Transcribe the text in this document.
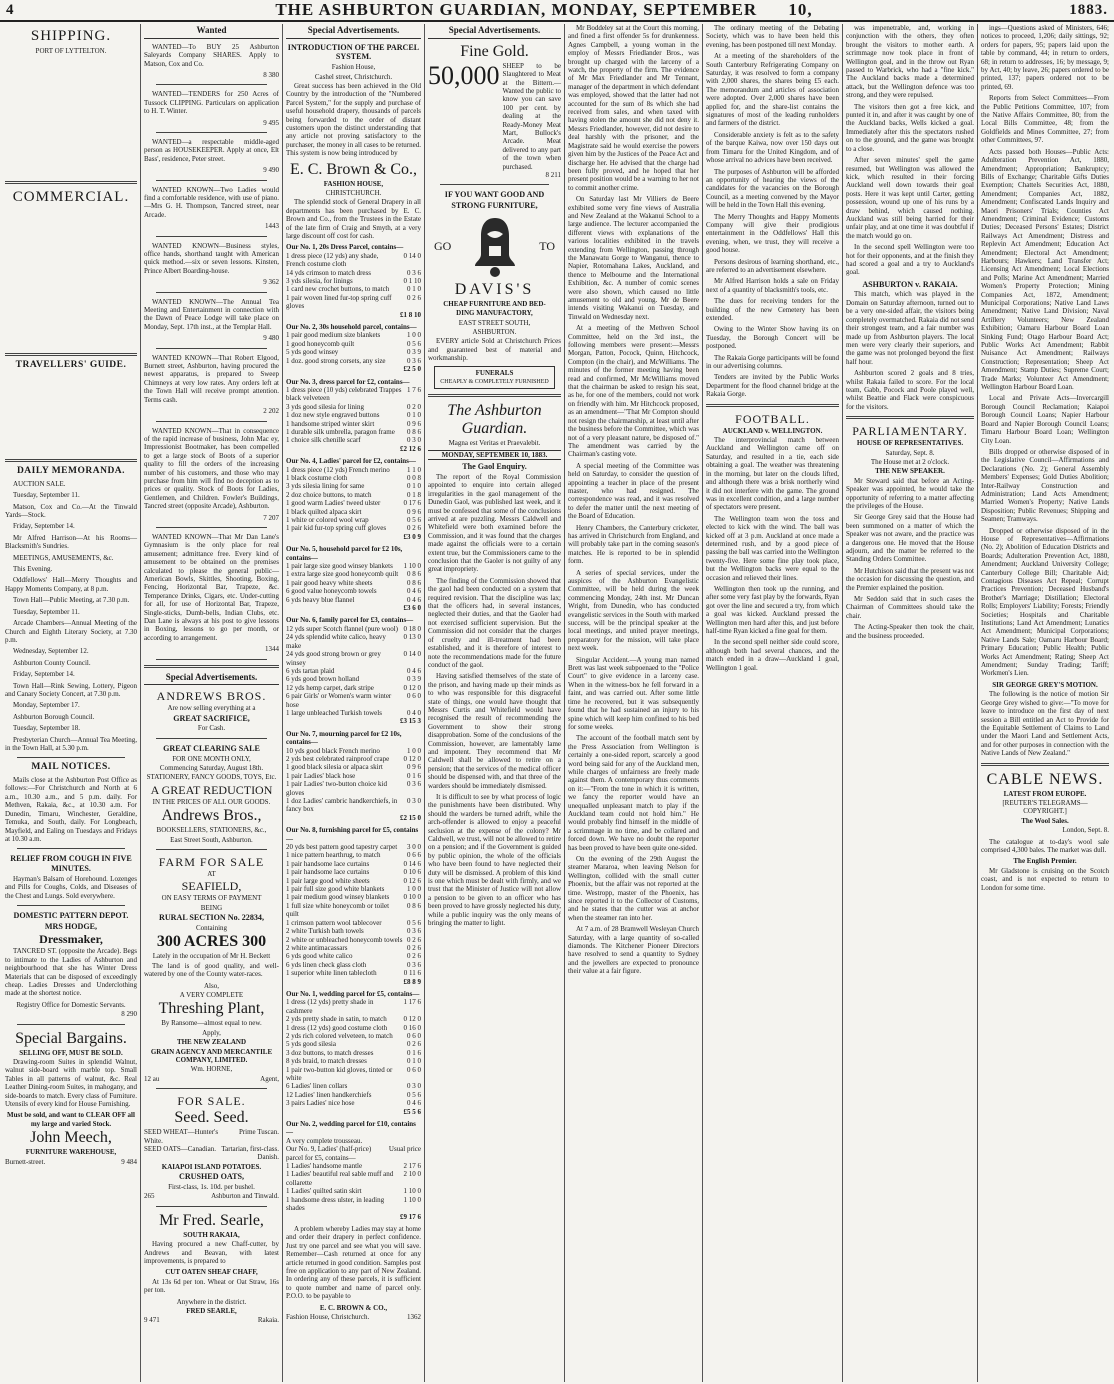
4	THE ASHBURTON GUARDIAN, MONDAY, SEPTEMBER 10,	1883.
SHIPPING.
PORT OF LYTTELTON.
COMMERCIAL.
TRAVELLERS' GUIDE.
DAILY MEMORANDA.
AUCTION SALE.
Tuesday, September 11.
Matson, Cox and Co.—At the Tinwald Yards—Stock.
Friday, September 14.
Mr Alfred Harrison—At his Rooms—Blacksmith's Sundries.
MEETINGS, AMUSEMENTS, &c.
This Evening.
Oddfellows' Hall—Merry Thoughts and Happy Moments Company, at 8 p.m.
Town Hall—Public Meeting, at 7.30 p.m.
Tuesday, September 11.
Arcade Chambers—Annual Meeting of the Church and Eighth Literary Society, at 7.30 p.m.
Wednesday, September 12.
Ashburton County Council.
Friday, September 14.
Town Hall—Rink Sewing, Lottery, Pigeon and Canary Society Concert, at 7.30 p.m.
Monday, September 17.
Ashburton Borough Council.
Tuesday, September 18.
Presbyterian Church—Annual Tea Meeting, in the Town Hall, at 5.30 p.m.
MAIL NOTICES.
Mails close at the Ashburton Post Office as follows:—For Christchurch and North at 6 a.m., 10.30 a.m., and 5 p.m. daily. For Methven, Rakaia, &c., at 10.30 a.m. For Dunedin, Timaru, Winchester, Geraldine, Temuka, and South, daily. For Longbeach, Mayfield, and Ealing on Tuesdays and Fridays at 10.30 a.m.
RELIEF FROM COUGH IN FIVE MINUTES.
Hayman's Balsam of Horehound. Lozenges and Pills for Coughs, Colds, and Diseases of the Chest and Lungs. Sold everywhere.
DOMESTIC PATTERN DEPOT.
MRS HODGE,
Dressmaker,
TANCRED ST. (opposite the Arcade). Begs to intimate to the Ladies of Ashburton and neighbourhood that she has Winter Dress Materials that can be disposed of exceedingly cheap. Ladies Dresses and Underclothing made at the shortest notice.
Registry Office for Domestic Servants.
8 290
Special Bargains.
SELLING OFF, MUST BE SOLD.
Drawing-room Suites in splendid Walnut, walnut side-board with marble top. Small Tables in all patterns of walnut, &c. Real Leather Dining-room Suites, in mahogany, and side-boards to match. Every class of Furniture. Utensils of every kind for House Furnishing.
Must be sold, and want to CLEAR OFF all my large and varied Stock.
John Meech,
FURNITURE WAREHOUSE,
Burnett-street.	9 484
Wanted
WANTED—To BUY 25 Ashburton Saleyards Company SHARES. Apply to Matson, Cox and Co.
8 380
WANTED—TENDERS for 250 Acres of Tussock CLIPPING. Particulars on application to H. T. Winter.
9 495
WANTED—a respectable middle-aged person as HOUSEKEEPER. Apply at once, Elt Bass', residence, Peter street.
9 490
WANTED KNOWN—Two Ladies would find a comfortable residence, with use of piano.—Mrs G. H. Thompson, Tancred street, near Arcade.
1443
WANTED KNOWN—Business styles, office hands, shorthand taught with American quick method.—six or seven lessons. Kinsten, Prince Albert Boarding-house.
9 362
WANTED KNOWN—The Annual Tea Meeting and Entertainment in connection with the Dawn of Peace Lodge will take place on Monday, Sept. 17th inst., at the Templar Hall.
9 480
WANTED KNOWN—That Robert Elgood, Burnett street, Ashburton, having procured the newest apparatus, is prepared to Sweep Chimneys at very low rates. Any orders left at the Town Hall will receive prompt attention. Terms cash.
2 202
WANTED KNOWN—That in consequence of the rapid increase of business, John Mac ey, Impressionist Bootmaker, has been compelled to get a large stock of Boots of a superior quality to fill the orders of the increasing number of his customers, and those who may purchase from him will find no deception as to prices or quality. Stock of Boots for Ladies, Gentlemen, and Children. Fowler's Buildings, Tancred street (opposite Arcade), Ashburton.
7 207
WANTED KNOWN—That Mr Dan Lane's Gymnasium is the only place for real amusement; admittance free. Every kind of amusement to be obtained on the premises calculated to please the general public—American Bowls, Skittles, Shooting, Boxing, Fencing, Horizontal Bar, Trapeze, &c. Temperance Drinks, Cigars, etc. Under-cutting for all, for use of Horizontal Bar, Trapeze, Single-sticks, Dumb-bells, Indian Clubs, etc. Dan Lane is always at his post to give lessons in Boxing, lessons to go per month, or according to arrangement.
1344
Special Advertisements.
ANDREWS BROS.
Are now selling everything at a
GREAT SACRIFICE,
For Cash.
GREAT CLEARING SALE
FOR ONE MONTH ONLY,
Commencing Saturday, August 18th.
STATIONERY, FANCY GOODS, TOYS, Etc.
A GREAT REDUCTION
IN THE PRICES OF ALL OUR GOODS.
Andrews Bros.,
BOOKSELLERS, STATIONERS, &c.,
East Street South, Ashburton.
FARM FOR SALE
AT
SEAFIELD,
ON EASY TERMS OF PAYMENT
BEING
RURAL SECTION No. 22834,
Containing
300 ACRES 300
Lately in the occupation of Mr H. Beckett
The land is of good quality, and well-watered by one of the County water-races.
Also,
A VERY COMPLETE
Threshing Plant,
By Ransome—almost equal to new.
Apply,
THE NEW ZEALAND
GRAIN AGENCY AND MERCANTILE COMPANY, LIMITED.
Wm. HORNE,
12 au	Agent,
FOR SALE.
Seed. Seed.
SEED WHEAT—Hunter's White.
Prime Tuscan.
SEED OATS—Canadian. Tartarian, first-class.
Danish.
KAIAPOI ISLAND POTATOES.
CRUSHED OATS,
First-class, 1s. 10d. per bushel.
265	Ashburton and Tinwald.
Mr Fred. Searle,
SOUTH RAKAIA,
Having procured a new Chaff-cutter, by Andrews and Beavan, with latest improvements, is prepared to
CUT OATEN SHEAF CHAFF,
At 13s 6d per ton. Wheat or Oat Straw, 16s per ton.
Anywhere in the district.
FRED SEARLE,
9 471	Rakaia.
Special Advertisements.
INTRODUCTION OF THE PARCEL SYSTEM.
Fashion House,
Cashel street, Christchurch.
Great success has been achieved in the Old Country by the introduction of the "Numbered Parcel System," for the supply and purchase of useful household drapery, thousands of parcels being forwarded to the order of distant customers upon the distinct understanding that any article not proving satisfactory to the purchaser, the money in all cases to be returned. This system is now being introduced by
E. C. Brown & Co.,
FASHION HOUSE,
CHRISTCHURCH.
The splendid stock of General Drapery in all departments has been purchased by E. C. Brown and Co., from the Trustees in the Estate of the late firm of Craig and Smyth, at a very large discount off cost for cash.
Our No. 1, 20s Dress Parcel, contains—
1 dress piece (12 yds) any shade, French costume cloth
0 14 0
14 yds crimson to match dress	0 3 6
3 yds silesia, for linings	0 1 10
1 card new crochet buttons, to match	0 1 0
1 pair woven lined fur-top spring cuff gloves
0 2 6
£1 8 10
Our No. 2, 30s household parcel, contains—
1 pair good medium size blankets	1 0 0
1 good honeycomb quilt	0 5 6
5 yds good winsey	0 3 9
1 doz. good strong corsets, any size	0 3 6
£2 5 0
Our No. 3, dress parcel for £2, contains—
1 dress piece (10 yds) celebrated Trappes black velveteen
1 7 6
3 yds good silesia for lining	0 2 0
1 doz new style engraved buttons	0 1 0
1 handsome striped winter skirt	0 9 6
1 durable silk umbrella, paragon frame	0 8 6
1 choice silk chenille scarf	0 3 0
£2 12 6
Our No. 4, Ladies' parcel for £2, contains—
1 dress piece (12 yds) French merino	1 1 0
1 black costume cloth	0 0 8
3 yds silesia lining for same	0 1 0
2 doz choice buttons, to match	0 1 8
1 good warm Ladies' tweed ulster	0 17 6
1 black quilted alpaca skirt	0 9 6
1 white or colored wool wrap	0 5 6
1 pair kid fur-top spring cuff gloves	0 2 6
£3 0 9
Our No. 5, household parcel for £2 10s, contains—
1 pair large size good winsey blankets	1 10 0
1 extra large size good honeycomb quilt	0 8 6
1 pair good heavy white sheets	0 8 6
6 good value honeycomb towels	0 4 6
6 yds heavy blue flannel	0 4 6
£3 6 0
Our No. 6, family parcel for £3, contains—
12 yds super Scotch flannel (pure wool) 0 18 0
24 yds splendid white calico, heavy make
0 13 0
24 yds good strong brown or grey winsey
0 14 0
6 yds tartan plaid	0 4 6
6 yds good brown holland	0 3 9
12 yds hemp carpet, dark stripe	0 12 0
6 pair Girls' or Women's warm winter hose
0 6 0
1 large unbleached Turkish towels	0 4 0
£3 15 3
Our No. 7, mourning parcel for £2 10s, contains—
10 yds good black French merino	1 0 0
2 yds best celebrated rainproof crape	0 12 0
1 good black silesia or alpaca skirt	0 9 6
1 pair Ladies' black hose	0 1 6
1 pair Ladies' two-button choice kid gloves
0 3 6
1 doz Ladies' cambric handkerchiefs, in fancy box
0 3 0
£2 15 0
Our No. 8, furnishing parcel for £5, contains—
20 yds best pattern good tapestry carpet	3 0 0
1 nice pattern hearthrug, to match	0 6 6
1 pair handsome lace curtains	0 14 6
1 pair handsome lace curtains	0 10 6
1 pair large good white sheets	0 12 6
1 pair full size good white blankets	1 0 0
1 pair medium good winsey blankets	0 10 0
1 full size white honeycomb or toilet quilt
0 8 6
1 crimson pattern wool tablecover	0 5 6
2 white Turkish bath towels	0 3 6
2 white or unbleached honeycomb towels 0 2 6
2 white antimacassars	0 2 6
6 yds good white calico	0 2 6
6 yds linen check glass cloth	0 3 6
1 superior white linen tablecloth	0 11 6
£8 8 9
Our No. 1, wedding parcel for £5, contains—
1 dress (12 yds) pretty shade in cashmere
1 17 6
2 yds pretty shade in satin, to match	0 12 0
1 dress (12 yds) good costume cloth	0 16 0
2 yds rich colored velveteen, to match	0 6 0
5 yds good silesia	0 2 6
3 doz buttons, to match dresses	0 1 6
8 yds braid, to match dresses	0 1 0
1 pair two-button kid gloves, tinted or white
0 6 0
6 Ladies' linen collars	0 3 0
12 Ladies' linen handkerchiefs	0 5 6
3 pairs Ladies' nice hose	0 4 6
£5 5 6
Our No. 2, wedding parcel for £10, contains—
A very complete trousseau.
Our No. 9, Ladies' (half-price) parcel for £5, contains—
Usual price
1 Ladies' handsome mantle	2 17 6
1 Ladies' beautiful real sable muff and collarette
2 10 0
1 Ladies' quilted satin skirt	1 10 0
1 handsome dress ulster, in leading shades
1 10 0
£9 17 6
A problem whereby Ladies may stay at home and order their drapery in perfect confidence. Just try one parcel and see what you will save. Remember—Cash returned at once for any article returned in good condition. Samples post free on application to any part of New Zealand. In ordering any of these parcels, it is sufficient to quote number and name of parcel only. P.O.O. to be payable to
E. C. BROWN & CO.,
Fashion House, Christchurch.	1362
Special Advertisements.
Fine Gold.
50,000 SHEEP to be Slaughtered to Meat at the Bittern.—Wanted the public to know you can save 100 per cent. by dealing at the Ready-Money Meat Mart, Bullock's Arcade. Meat delivered to any part of the town when purchased.
8 211
IF YOU WANT GOOD AND
STRONG FURNITURE,
GO	TO
DAVIS'S
CHEAP FURNITURE AND BED-
DING MANUFACTORY,
EAST STREET SOUTH,
ASHBURTON.
EVERY article Sold at Christchurch Prices and guaranteed best of material and workmanship.
FUNERALS
CHEAPLY & COMPLETELY FURNISHED
The Ashburton Guardian.
Magna est Veritas et Praevalebit.
MONDAY, SEPTEMBER 10, 1883.
The Gaol Enquiry.
The report of the Royal Commission appointed to enquire into certain alleged irregularities in the gaol management of the Dunedin Gaol, was published last week, and it must be confessed that some of the conclusions arrived at are puzzling. Messrs Caldwell and Whitefield were both examined before the Commission, and it was found that the charges made against the officials were to a certain extent true, but the Commissioners came to the conclusion that the Gaoler is not guilty of any great impropriety.
The finding of the Commission showed that the gaol had been conducted on a system that required revision. That the discipline was lax; that the officers had, in several instances, neglected their duties, and that the Gaoler had not exercised sufficient supervision. But the Commission did not consider that the charges of cruelty and ill-treatment had been established, and it is therefore of interest to note the recommendations made for the future conduct of the gaol.
Having satisfied themselves of the state of the prison, and having made up their minds as to who was responsible for this disgraceful state of things, one would have thought that Messrs Curtis and Whitefield would have recognised the result of recommending the Government to show their strong disapprobation. Some of the conclusions of the Commission, however, are lamentably lame and impotent. They recommend that Mr Caldwell shall be allowed to retire on a pension; that the services of the medical officer should be dispensed with, and that three of the warders should be immediately dismissed.
It is difficult to see by what process of logic the punishments have been distributed. Why should the warders be turned adrift, while the arch-offender is allowed to enjoy a peaceful seclusion at the expense of the colony? Mr Caldwell, we trust, will not be allowed to retire on a pension; and if the Government is guided by public opinion, the whole of the officials who have been found to have neglected their duty will be dismissed. A problem of this kind is one which must be dealt with firmly, and we trust that the Minister of Justice will not allow a pension to be given to an officer who has been proved to have grossly neglected his duty, while a public inquiry was the only means of bringing the matter to light.
Mr Boddeley sat at the Court this morning, and fined a first offender 5s for drunkenness. Agnes Campbell, a young woman in the employ of Messrs Friedlander Bros., was brought up charged with the larceny of a watch, the property of the firm. The evidence of Mr Max Friedlander and Mr Tennant, manager of the department in which defendant was employed, showed that the latter had not accounted for the sum of 8s which she had received from sales, and when taxed with having stolen the amount she did not deny it. Messrs Friedlander, however, did not desire to deal harshly with the prisoner, and the Magistrate said he would exercise the powers given him by the Justices of the Peace Act and discharge her. He advised that the charge had been fully proved, and he hoped that her present position would be a warning to her not to commit another crime.
On Saturday last Mr Villiers de Beere exhibited some very fine views of Australia and New Zealand at the Wakanui School to a large audience. The lecturer accompanied the different views with explanations of the various localities exhibited in the travels extending from Wellington, passing through the Manawatu Gorge to Wanganui, thence to Napier, Rotomahana Lakes, Auckland, and thence to Melbourne and the International Exhibition, &c. A number of comic scenes were also shown, which caused no little amusement to old and young. Mr de Beere intends visiting Wakanui on Tuesday, and Tinwald on Wednesday next.
At a meeting of the Methven School Committee, held on the 3rd inst., the following members were present:—Messrs Morgan, Patton, Pocock, Quinn, Hitchcock, Compton (in the chair), and McWilliams. The minutes of the former meeting having been read and confirmed, Mr McWilliams moved that the chairman be asked to resign his seat, as he, for one of the members, could not work on friendly with him. Mr Hitchcock proposed, as an amendment—"That Mr Compton should not resign the chairmanship, at least until after the business before the Committee, which was not of a very pleasant nature, be disposed of." The amendment was carried by the Chairman's casting vote.
A special meeting of the Committee was held on Saturday, to consider the question of appointing a teacher in place of the present master, who had resigned. The correspondence was read, and it was resolved to defer the matter until the next meeting of the Board of Education.
Henry Chambers, the Canterbury cricketer, has arrived in Christchurch from England, and will probably take part in the coming season's matches. He is reported to be in splendid form.
A series of special services, under the auspices of the Ashburton Evangelistic Committee, will be held during the week commencing Monday, 24th inst. Mr Duncan Wright, from Dunedin, who has conducted evangelistic services in the South with marked success, will be the principal speaker at the local meetings, and united prayer meetings, preparatory for the mission, will take place next week.
Singular Accident.—A young man named Brett was last week subpoenaed to the "Police Court" to give evidence in a larceny case. When in the witness-box he fell forward in a faint, and was carried out. After some little time he recovered, but it was subsequently found that he had sustained an injury to his spine which will keep him confined to his bed for some weeks.
The account of the football match sent by the Press Association from Wellington is certainly a one-sided report, scarcely a good word being said for any of the Auckland men, while charges of unfairness are freely made against them. A contemporary thus comments on it:—"From the tone in which it is written, we fancy the reporter would have an unequalled unpleasant match to play if the Auckland team could not hold him." He would probably find himself in the middle of a scrimmage in no time, and be collared and forced down. We have no doubt the reporter has been proved to have been quite one-sided.
On the evening of the 29th August the steamer Mararoa, when leaving Nelson for Wellington, collided with the small cutter Phoenix, but the affair was not reported at the time. Westropp, master of the Phoenix, has since reported it to the Collector of Customs, and he states that the cutter was at anchor when the steamer ran into her.
At 7 a.m. of 28 Bramwell Wesleyan Church Saturday, with a large quantity of so-called diamonds. The Kitchener Pioneer Directors have resolved to send a quantity to Sydney and the jewellers are expected to pronounce their value at a fair figure.
The ordinary meeting of the Debating Society, which was to have been held this evening, has been postponed till next Monday.
At a meeting of the shareholders of the South Canterbury Refrigerating Company on Saturday, it was resolved to form a company with 2,000 shares, the shares being £5 each. The memorandum and articles of association were adopted. Over 2,000 shares have been applied for, and the share-list contains the signatures of most of the leading runholders and farmers of the district.
Considerable anxiety is felt as to the safety of the barque Kaiwa, now over 150 days out from Timaru for the United Kingdom, and of whose arrival no advices have been received.
The purposes of Ashburton will be afforded an opportunity of hearing the views of the candidates for the vacancies on the Borough Council, as a meeting convened by the Mayor will be held in the Town Hall this evening.
The Merry Thoughts and Happy Moments Company will give their prodigious entertainment in the Oddfellows' Hall this evening, when, we trust, they will receive a good house.
Persons desirous of learning shorthand, etc., are referred to an advertisement elsewhere.
Mr Alfred Harrison holds a sale on Friday next of a quantity of blacksmith's tools, etc.
The dues for receiving tenders for the building of the new Cemetery has been extended.
Owing to the Winter Show having its on Tuesday, the Borough Concert will be postponed.
The Rakaia Gorge participants will be found in our advertising columns.
Tenders are invited by the Public Works Department for the flood channel bridge at the Rakaia Gorge.
FOOTBALL.
AUCKLAND v. WELLINGTON.
The interprovincial match between Auckland and Wellington came off on Saturday, and resulted in a tie, each side obtaining a goal. The weather was threatening in the morning, but later on the clouds lifted, and although there was a brisk northerly wind it did not interfere with the game. The ground was in excellent condition, and a large number of spectators were present.
The Wellington team won the toss and elected to kick with the wind. The ball was kicked off at 3 p.m. Auckland at once made a determined rush, and by a good piece of passing the ball was carried into the Wellington twenty-five. Here some fine play took place, but the Wellington backs were equal to the occasion and relieved their lines.
Wellington then took up the running, and after some very fast play by the forwards, Ryan got over the line and secured a try, from which a goal was kicked. Auckland pressed the Wellington men hard after this, and just before half-time Ryan kicked a fine goal for them.
In the second spell neither side could score, although both had several chances, and the match ended in a draw—Auckland 1 goal, Wellington 1 goal.
was impenetrable, and, working in conjunction with the others, they often brought the visitors to mother earth. A scrimmage now took place in front of Wellington goal, and in the throw out Ryan passed to Warbrick, who had a "fine kick." The Auckland backs made a determined attack, but the Wellington defence was too strong, and they were repulsed.
The visitors then got a free kick, and punted it in, and after it was caught by one of the Auckland backs, Wells kicked a goal. Immediately after this the spectators rushed on to the ground, and the game was brought to a close.
After seven minutes' spell the game resumed, but Wellington was allowed the kick, which resulted in their forcing Auckland well down towards their goal posts. Here it was kept until Carter, getting possession, wound up one of his runs by a draw behind, which caused nothing. Auckland was still being harried for their unfair play, and at one time it was doubtful if the match would go on.
In the second spell Wellington were too hot for their opponents, and at the finish they had scored a goal and a try to Auckland's goal.
ASHBURTON v. RAKAIA.
This match, which was played in the Domain on Saturday afternoon, turned out to be a very one-sided affair, the visitors being completely overmatched. Rakaia did not send their strongest team, and a fair number was made up from Ashburton players. The local men were very clearly their superiors, and the game was not prolonged beyond the first half hour.
Ashburton scored 2 goals and 8 tries, whilst Rakaia failed to score. For the local team, Gabb, Pocock and Poole played well, whilst Beattie and Flack were conspicuous for the visitors.
PARLIAMENTARY.
HOUSE OF REPRESENTATIVES.
Saturday, Sept. 8.
The House met at 2 o'clock.
THE NEW SPEAKER.
Mr Steward said that before an Acting-Speaker was appointed, he would take the opportunity of referring to a matter affecting the privileges of the House.
Sir George Grey said that the House had been summoned on a matter of which the Speaker was not aware, and the practice was a dangerous one. He moved that the House adjourn, and the matter be referred to the Standing Orders Committee.
Mr Hutchison said that the present was not the occasion for discussing the question, and the Premier explained the position.
Mr Seddon said that in such cases the Chairman of Committees should take the chair.
The Acting-Speaker then took the chair, and the business proceeded.
ings—Questions asked of Ministers, 646; notices to proceed, 1,206; daily sittings, 92; orders for papers, 95; papers laid upon the table by command, 44; in return to orders, 68; in return to addresses, 16; by message, 9; by Act, 40; by leave, 26; papers ordered to be printed, 137; papers ordered not to be printed, 69.
Reports from Select Committees—From the Public Petitions Committee, 107; from the Native Affairs Committee, 80; from the Local Bills Committee, 48; from the Goldfields and Mines Committee, 27; from other Committees, 97.
Acts passed both Houses—Public Acts: Adulteration Prevention Act, 1880, Amendment; Appropriation; Bankruptcy; Bills of Exchange; Charitable Gifts Duties Exemption; Chattels Securities Act, 1880, Amendment; Companies Act, 1882, Amendment; Confiscated Lands Inquiry and Maori Prisoners' Trials; Counties Act Amendment; Criminal Evidence; Customs Duties; Deceased Persons' Estates; District Railways Act Amendment; Distress and Replevin Act Amendment; Education Act Amendment; Electoral Act Amendment; Harbours; Hawkers; Land Transfer Act; Licensing Act Amendment; Local Elections and Polls; Marine Act Amendment; Married Women's Property Protection; Mining Companies Act, 1872, Amendment; Municipal Corporations; Native Land Laws Amendment; Native Land Division; Naval Artillery Volunteers; New Zealand Exhibition; Oamaru Harbour Board Loan Sinking Fund; Otago Harbour Board Act; Public Works Act Amendment; Rabbit Nuisance Act Amendment; Railways Construction; Representation; Sheep Act Amendment; Stamp Duties; Supreme Court; Trade Marks; Volunteer Act Amendment; Wellington Harbour Board Loan.
Local and Private Acts—Invercargill Borough Council Reclamation; Kaiapoi Borough Council Loans; Napier Harbour Board and Napier Borough Council Loans; Timaru Harbour Board Loan; Wellington City Loan.
Bills dropped or otherwise disposed of in the Legislative Council—Affirmations and Declarations (No. 2); General Assembly Members' Expenses; Gold Duties Abolition; Inter-Railway Construction and Administration; Land Acts Amendment; Married Women's Property; Native Lands Disposition; Public Revenues; Shipping and Seamen; Tramways.
Dropped or otherwise disposed of in the House of Representatives—Affirmations (No. 2); Abolition of Education Districts and Boards; Adulteration Prevention Act, 1880, Amendment; Auckland University College; Canterbury College Bill; Charitable Aid; Contagious Diseases Act Repeal; Corrupt Practices Prevention; Deceased Husband's Brother's Marriage; Distillation; Electoral Rolls; Employers' Liability; Forests; Friendly Societies; Hospitals and Charitable Institutions; Land Act Amendment; Lunatics Act Amendment; Municipal Corporations; Native Lands Sale; Oamaru Harbour Board; Primary Education; Public Health; Public Works Act Amendment; Rating; Sheep Act Amendment; Sunday Trading; Tariff; Workmen's Lien.
SIR GEORGE GREY'S MOTION.
The following is the notice of motion Sir George Grey wished to give:—"To move for leave to introduce on the first day of next session a Bill entitled an Act to Provide for the Equitable Settlement of Claims to Land under the Maori Land and Settlement Acts, and for other purposes in connection with the Native Lands of New Zealand."
CABLE NEWS.
LATEST FROM EUROPE.
[REUTER'S TELEGRAMS—COPYRIGHT.]
The Wool Sales.
London, Sept. 8.
The catalogue at to-day's wool sale comprised 4,300 bales. The market was dull.
The English Premier.
Mr Gladstone is cruising on the Scotch coast, and is not expected to return to London for some time.
